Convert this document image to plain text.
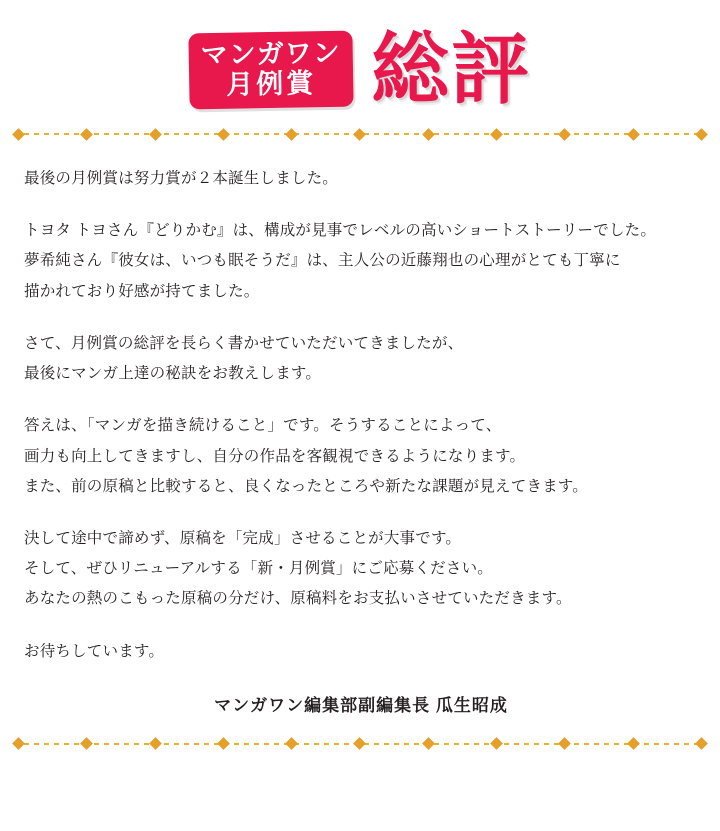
マンガワン
月例賞 総評

最後の月例賞は努力賞が２本誕生しました。

トヨタ トヨさん『どりかむ』は、構成が見事でレベルの高いショートストーリーでした。
夢希純さん『彼女は、いつも眠そうだ』は、主人公の近藤翔也の心理がとても丁寧に
描かれており好感が持てました。

さて、月例賞の総評を長らく書かせていただいてきましたが、
最後にマンガ上達の秘訣をお教えします。

答えは、「マンガを描き続けること」です。そうすることによって、
画力も向上してきますし、自分の作品を客観視できるようになります。
また、前の原稿と比較すると、良くなったところや新たな課題が見えてきます。

決して途中で諦めず、原稿を「完成」させることが大事です。
そして、ぜひリニューアルする「新・月例賞」にご応募ください。
あなたの熱のこもった原稿の分だけ、原稿料をお支払いさせていただきます。

お待ちしています。

マンガワン編集部副編集長 瓜生昭成
